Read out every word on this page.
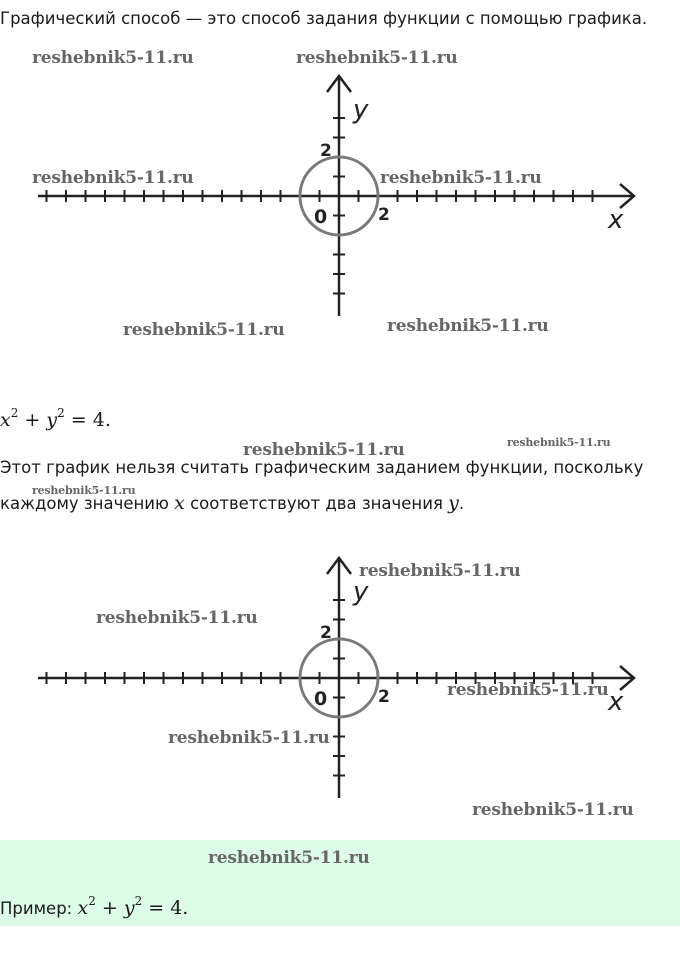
Графический способ — это способ задания функции с помощью графика.

y
x
0
2
2
$x^2 + y^2 = 4$.

Этот график нельзя считать графическим заданием функции, поскольку

каждому значению x соответствуют два значения y.

y
x
0
2
2
Пример: $x^2 + y^2 = 4$.
reshebnik5-11.ru	reshebnik5-11.ru
reshebnik5-11.ru	reshebnik5-11.ru
reshebnik5-11.ru	reshebnik5-11.ru
reshebnik5-11.ru	reshebnik5-11.ru
reshebnik5-11.ru
reshebnik5-11.ru
reshebnik5-11.ru
reshebnik5-11.ru
reshebnik5-11.ru
reshebnik5-11.ru
reshebnik5-11.ru
